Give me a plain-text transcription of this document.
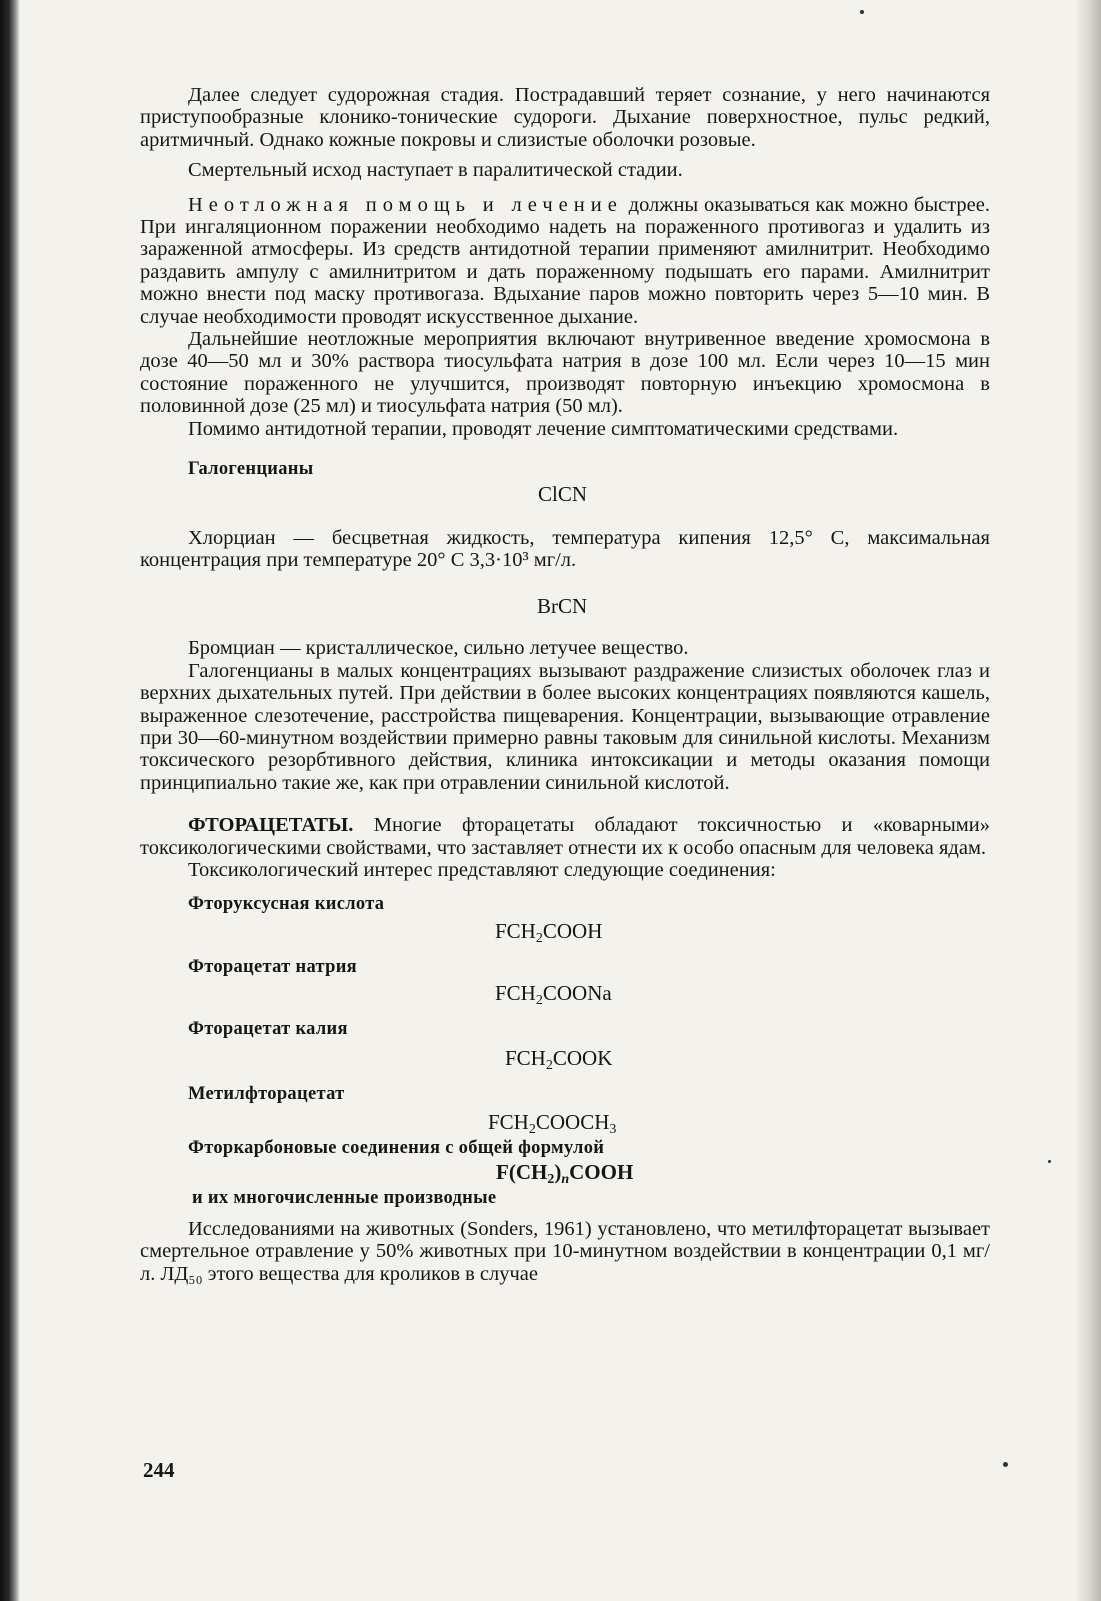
Далее следует судорожная стадия. Пострадавший теряет сознание, у него начинаются приступообразные клонико-тонические судороги. Дыхание поверхностное, пульс редкий, аритмичный. Однако кожные покровы и слизистые оболочки розовые.

Смертельный исход наступает в паралитической стадии.

Неотложная помощь и лечение должны оказываться как можно быстрее. При ингаляционном поражении необходимо надеть на пораженного противогаз и удалить из зараженной атмосферы. Из средств антидотной терапии применяют амилнитрит. Необходимо раздавить ампулу с амилнитритом и дать пораженному подышать его парами. Амилнитрит можно внести под маску противогаза. Вдыхание паров можно повторить через 5—10 мин. В случае необходимости проводят искусственное дыхание.

Дальнейшие неотложные мероприятия включают внутривенное введение хромосмона в дозе 40—50 мл и 30% раствора тиосульфата натрия в дозе 100 мл. Если через 10—15 мин состояние пораженного не улучшится, производят повторную инъекцию хромосмона в половинной дозе (25 мл) и тиосульфата натрия (50 мл).

Помимо антидотной терапии, проводят лечение симптоматическими средствами.

Галогенцианы

ClCN

Хлорциан — бесцветная жидкость, температура кипения 12,5° С, максимальная концентрация при температуре 20° С 3,3·10³ мг/л.

BrCN

Бромциан — кристаллическое, сильно летучее вещество.

Галогенцианы в малых концентрациях вызывают раздражение слизистых оболочек глаз и верхних дыхательных путей. При действии в более высоких концентрациях появляются кашель, выраженное слезотечение, расстройства пищеварения. Концентрации, вызывающие отравление при 30—60-минутном воздействии примерно равны таковым для синильной кислоты. Механизм токсического резорбтивного действия, клиника интоксикации и методы оказания помощи принципиально такие же, как при отравлении синильной кислотой.

ФТОРАЦЕТАТЫ. Многие фторацетаты обладают токсичностью и «коварными» токсикологическими свойствами, что заставляет отнести их к особо опасным для человека ядам.

Токсикологический интерес представляют следующие соединения:

Фторуксусная кислота

$FCH_2COOH$

Фторацетат натрия

$FCH_2COONa$

Фторацетат калия

$FCH_2COOK$

Метилфторацетат

$FCH_2COOCH_3$

Фторкарбоновые соединения с общей формулой

$F(CH_2)_nCOOH$

и их многочисленные производные

Исследованиями на животных (Sonders, 1961) установлено, что метилфторацетат вызывает смертельное отравление у 50% животных при 10-минутном воздействии в концентрации 0,1 мг/л. ЛД₅₀ этого вещества для кроликов в случае

244
